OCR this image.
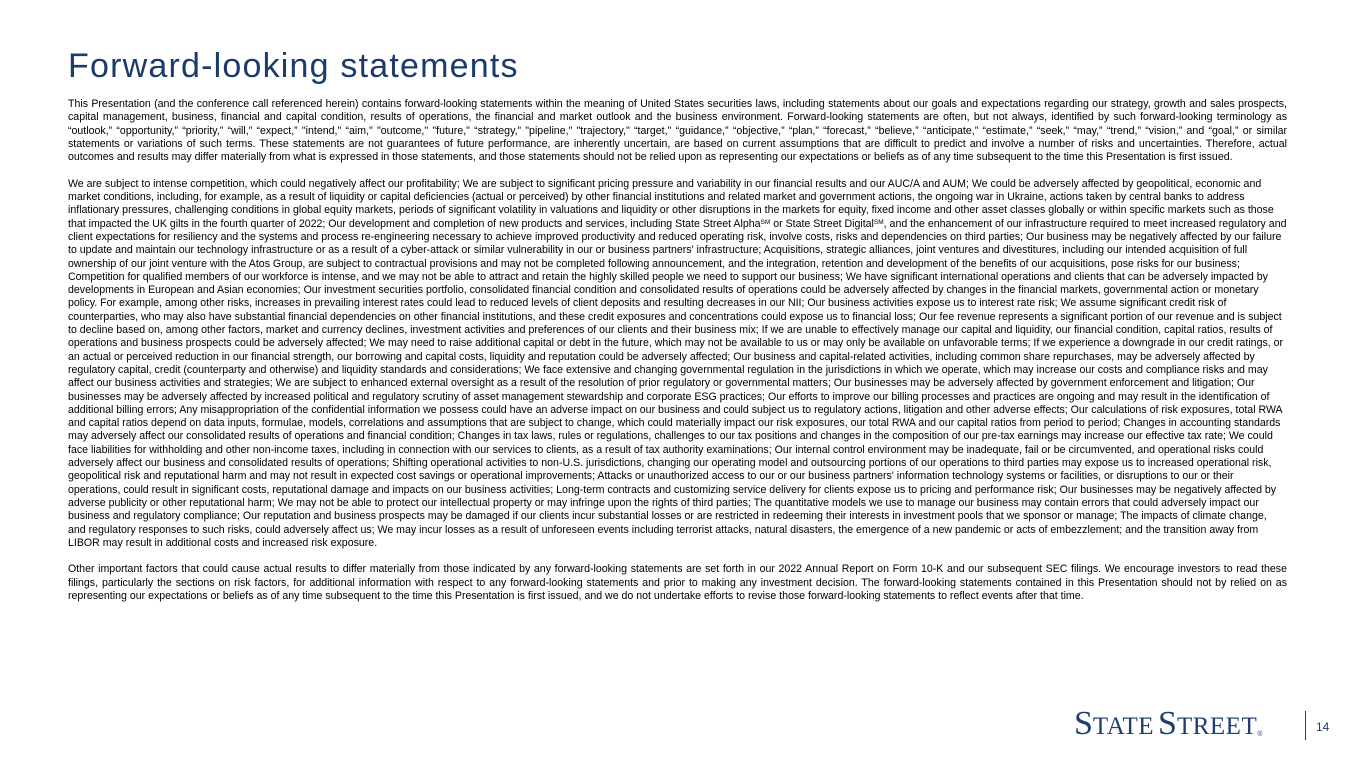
Forward-looking statements

This Presentation (and the conference call referenced herein) contains forward-looking statements within the meaning of United States securities laws, including statements about our goals and expectations regarding our strategy, growth and sales prospects, capital management, business, financial and capital condition, results of operations, the financial and market outlook and the business environment. Forward-looking statements are often, but not always, identified by such forward-looking terminology as “outlook,” “opportunity,” “priority,” “will,” “expect,” "intend," “aim," "outcome," "future," “strategy,” "pipeline," "trajectory," “target," “guidance,” “objective,” “plan,” “forecast,” “believe,” “anticipate,” “estimate,” “seek,” “may,” “trend,” “vision,” and “goal,” or similar statements or variations of such terms. These statements are not guarantees of future performance, are inherently uncertain, are based on current assumptions that are difficult to predict and involve a number of risks and uncertainties. Therefore, actual outcomes and results may differ materially from what is expressed in those statements, and those statements should not be relied upon as representing our expectations or beliefs as of any time subsequent to the time this Presentation is first issued.

We are subject to intense competition, which could negatively affect our profitability; We are subject to significant pricing pressure and variability in our financial results and our AUC/A and AUM; We could be adversely affected by geopolitical, economic and market conditions, including, for example, as a result of liquidity or capital deficiencies (actual or perceived) by other financial institutions and related market and government actions, the ongoing war in Ukraine, actions taken by central banks to address inflationary pressures, challenging conditions in global equity markets, periods of significant volatility in valuations and liquidity or other disruptions in the markets for equity, fixed income and other asset classes globally or within specific markets such as those that impacted the UK gilts in the fourth quarter of 2022; Our development and completion of new products and services, including State Street Alpha℠ or State Street Digital℠, and the enhancement of our infrastructure required to meet increased regulatory and client expectations for resiliency and the systems and process re-engineering necessary to achieve improved productivity and reduced operating risk, involve costs, risks and dependencies on third parties; Our business may be negatively affected by our failure to update and maintain our technology infrastructure or as a result of a cyber-attack or similar vulnerability in our or business partners' infrastructure; Acquisitions, strategic alliances, joint ventures and divestitures, including our intended acquisition of full ownership of our joint venture with the Atos Group, are subject to contractual provisions and may not be completed following announcement, and the integration, retention and development of the benefits of our acquisitions, pose risks for our business; Competition for qualified members of our workforce is intense, and we may not be able to attract and retain the highly skilled people we need to support our business; We have significant international operations and clients that can be adversely impacted by developments in European and Asian economies; Our investment securities portfolio, consolidated financial condition and consolidated results of operations could be adversely affected by changes in the financial markets, governmental action or monetary policy. For example, among other risks, increases in prevailing interest rates could lead to reduced levels of client deposits and resulting decreases in our NII; Our business activities expose us to interest rate risk; We assume significant credit risk of counterparties, who may also have substantial financial dependencies on other financial institutions, and these credit exposures and concentrations could expose us to financial loss; Our fee revenue represents a significant portion of our revenue and is subject to decline based on, among other factors, market and currency declines, investment activities and preferences of our clients and their business mix; If we are unable to effectively manage our capital and liquidity, our financial condition, capital ratios, results of operations and business prospects could be adversely affected; We may need to raise additional capital or debt in the future, which may not be available to us or may only be available on unfavorable terms; If we experience a downgrade in our credit ratings, or an actual or perceived reduction in our financial strength, our borrowing and capital costs, liquidity and reputation could be adversely affected; Our business and capital-related activities, including common share repurchases, may be adversely affected by regulatory capital, credit (counterparty and otherwise) and liquidity standards and considerations; We face extensive and changing governmental regulation in the jurisdictions in which we operate, which may increase our costs and compliance risks and may affect our business activities and strategies; We are subject to enhanced external oversight as a result of the resolution of prior regulatory or governmental matters; Our businesses may be adversely affected by government enforcement and litigation; Our businesses may be adversely affected by increased political and regulatory scrutiny of asset management stewardship and corporate ESG practices; Our efforts to improve our billing processes and practices are ongoing and may result in the identification of additional billing errors; Any misappropriation of the confidential information we possess could have an adverse impact on our business and could subject us to regulatory actions, litigation and other adverse effects; Our calculations of risk exposures, total RWA and capital ratios depend on data inputs, formulae, models, correlations and assumptions that are subject to change, which could materially impact our risk exposures, our total RWA and our capital ratios from period to period; Changes in accounting standards may adversely affect our consolidated results of operations and financial condition; Changes in tax laws, rules or regulations, challenges to our tax positions and changes in the composition of our pre-tax earnings may increase our effective tax rate; We could face liabilities for withholding and other non-income taxes, including in connection with our services to clients, as a result of tax authority examinations; Our internal control environment may be inadequate, fail or be circumvented, and operational risks could adversely affect our business and consolidated results of operations; Shifting operational activities to non-U.S. jurisdictions, changing our operating model and outsourcing portions of our operations to third parties may expose us to increased operational risk, geopolitical risk and reputational harm and may not result in expected cost savings or operational improvements; Attacks or unauthorized access to our or our business partners' information technology systems or facilities, or disruptions to our or their operations, could result in significant costs, reputational damage and impacts on our business activities; Long-term contracts and customizing service delivery for clients expose us to pricing and performance risk; Our businesses may be negatively affected by adverse publicity or other reputational harm; We may not be able to protect our intellectual property or may infringe upon the rights of third parties; The quantitative models we use to manage our business may contain errors that could adversely impact our business and regulatory compliance; Our reputation and business prospects may be damaged if our clients incur substantial losses or are restricted in redeeming their interests in investment pools that we sponsor or manage; The impacts of climate change, and regulatory responses to such risks, could adversely affect us; We may incur losses as a result of unforeseen events including terrorist attacks, natural disasters, the emergence of a new pandemic or acts of embezzlement; and the transition away from LIBOR may result in additional costs and increased risk exposure.

Other important factors that could cause actual results to differ materially from those indicated by any forward-looking statements are set forth in our 2022 Annual Report on Form 10-K and our subsequent SEC filings. We encourage investors to read these filings, particularly the sections on risk factors, for additional information with respect to any forward-looking statements and prior to making any investment decision. The forward-looking statements contained in this Presentation should not by relied on as representing our expectations or beliefs as of any time subsequent to the time this Presentation is first issued, and we do not undertake efforts to revise those forward-looking statements to reflect events after that time.

STATE STREET®
14
